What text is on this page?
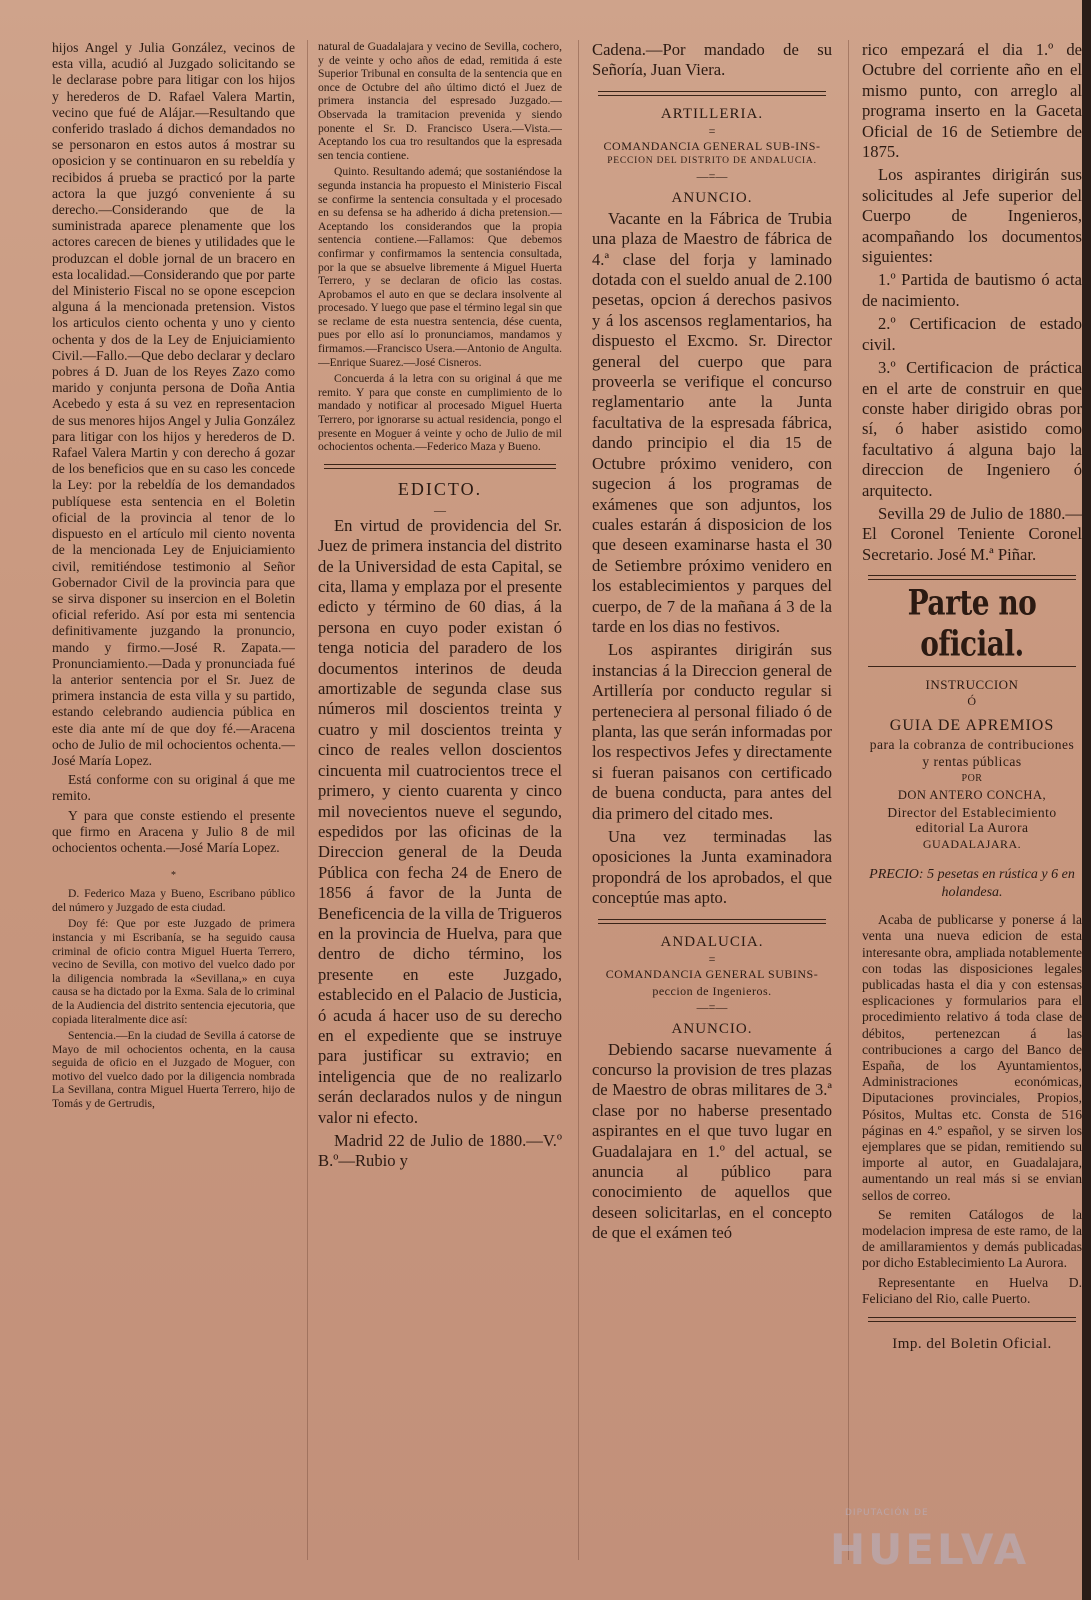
hijos Angel y Julia González, vecinos de esta villa, acudió al Juzgado solicitando se le declarase pobre para litigar con los hijos y herederos de D. Rafael Valera Martin, vecino que fué de Alájar.—Resultando que conferido traslado á dichos demandados no se personaron en estos autos á mostrar su oposicion y se continuaron en su rebeldía y recibidos á prueba se practicó por la parte actora la que juzgó conveniente á su derecho.—Considerando que de la suministrada aparece plenamente que los actores carecen de bienes y utilidades que le produzcan el doble jornal de un bracero en esta localidad.—Considerando que por parte del Ministerio Fiscal no se opone escepcion alguna á la mencionada pretension. Vistos los articulos ciento ochenta y uno y ciento ochenta y dos de la Ley de Enjuiciamiento Civil.—Fallo.—Que debo declarar y declaro pobres á D. Juan de los Reyes Zazo como marido y conjunta persona de Doña Antia Acebedo y esta á su vez en representacion de sus menores hijos Angel y Julia González para litigar con los hijos y herederos de D. Rafael Valera Martin y con derecho á gozar de los beneficios que en su caso les concede la Ley: por la rebeldía de los demandados publíquese esta sentencia en el Boletin oficial de la provincia al tenor de lo dispuesto en el artículo mil ciento noventa de la mencionada Ley de Enjuiciamiento civil, remitiéndose testimonio al Señor Gobernador Civil de la provincia para que se sirva disponer su insercion en el Boletin oficial referido. Así por esta mi sentencia definitivamente juzgando la pronuncio, mando y firmo.—José R. Zapata.—Pronunciamiento.—Dada y pronunciada fué la anterior sentencia por el Sr. Juez de primera instancia de esta villa y su partido, estando celebrando audiencia pública en este dia ante mí de que doy fé.—Aracena ocho de Julio de mil ochocientos ochenta.—José María Lopez.

Está conforme con su original á que me remito.

Y para que conste estiendo el presente que firmo en Aracena y Julio 8 de mil ochocientos ochenta.—José María Lopez.

*

D. Federico Maza y Bueno, Escribano público del número y Juzgado de esta ciudad.

Doy fé: Que por este Juzgado de primera instancia y mi Escribanía, se ha seguido causa criminal de oficio contra Miguel Huerta Terrero, vecino de Sevilla, con motivo del vuelco dado por la diligencia nombrada la «Sevillana,» en cuya causa se ha dictado por la Exma. Sala de lo criminal de la Audiencia del distrito sentencia ejecutoria, que copiada literalmente dice así:

Sentencia.—En la ciudad de Sevilla á catorse de Mayo de mil ochocientos ochenta, en la causa seguida de oficio en el Juzgado de Moguer, con motivo del vuelco dado por la diligencia nombrada La Sevillana, contra Miguel Huerta Terrero, hijo de Tomás y de Gertrudis,

natural de Guadalajara y vecino de Sevilla, cochero, y de veinte y ocho años de edad, remitida á este Superior Tribunal en consulta de la sentencia que en once de Octubre del año último dictó el Juez de primera instancia del espresado Juzgado.—Observada la tramitacion prevenida y siendo ponente el Sr. D. Francisco Usera.—Vista.—Aceptando los cua tro resultandos que la espresada sen tencia contiene.

Quinto. Resultando ademá; que sostaniéndose la segunda instancia ha propuesto el Ministerio Fiscal se confirme la sentencia consultada y el procesado en su defensa se ha adherido á dicha pretension.—Aceptando los considerandos que la propia sentencia contiene.—Fallamos: Que debemos confirmar y confirmamos la sentencia consultada, por la que se absuelve libremente á Miguel Huerta Terrero, y se declaran de oficio las costas. Aprobamos el auto en que se declara insolvente al procesado. Y luego que pase el término legal sin que se reclame de esta nuestra sentencia, dése cuenta, pues por ello así lo pronunciamos, mandamos y firmamos.—Francisco Usera.—Antonio de Angulta.—Enrique Suarez.—José Cisneros.

Concuerda á la letra con su original á que me remito. Y para que conste en cumplimiento de lo mandado y notificar al procesado Miguel Huerta Terrero, por ignorarse su actual residencia, pongo el presente en Moguer á veinte y ocho de Julio de mil ochocientos ochenta.—Federico Maza y Bueno.

EDICTO.
—

En virtud de providencia del Sr. Juez de primera instancia del distrito de la Universidad de esta Capital, se cita, llama y emplaza por el presente edicto y término de 60 dias, á la persona en cuyo poder existan ó tenga noticia del paradero de los documentos interinos de deuda amortizable de segunda clase sus números mil doscientos treinta y cuatro y mil doscientos treinta y cinco de reales vellon doscientos cincuenta mil cuatrocientos trece el primero, y ciento cuarenta y cinco mil novecientos nueve el segundo, espedidos por las oficinas de la Direccion general de la Deuda Pública con fecha 24 de Enero de 1856 á favor de la Junta de Beneficencia de la villa de Trigueros en la provincia de Huelva, para que dentro de dicho término, los presente en este Juzgado, establecido en el Palacio de Justicia, ó acuda á hacer uso de su derecho en el expediente que se instruye para justificar su extravio; en inteligencia que de no realizarlo serán declarados nulos y de ningun valor ni efecto.

Madrid 22 de Julio de 1880.—V.º B.º—Rubio y

Cadena.—Por mandado de su Señoría, Juan Viera.

ARTILLERIA.
=
COMANDANCIA GENERAL SUB-INS-
PECCION DEL DISTRITO DE ANDALUCIA.
—=—
ANUNCIO.

Vacante en la Fábrica de Trubia una plaza de Maestro de fábrica de 4.ª clase del forja y laminado dotada con el sueldo anual de 2.100 pesetas, opcion á derechos pasivos y á los ascensos reglamentarios, ha dispuesto el Excmo. Sr. Director general del cuerpo que para proveerla se verifique el concurso reglamentario ante la Junta facultativa de la espresada fábrica, dando principio el dia 15 de Octubre próximo venidero, con sugecion á los programas de exámenes que son adjuntos, los cuales estarán á disposicion de los que deseen examinarse hasta el 30 de Setiembre próximo venidero en los establecimientos y parques del cuerpo, de 7 de la mañana á 3 de la tarde en los dias no festivos.

Los aspirantes dirigirán sus instancias á la Direccion general de Artillería por conducto regular si perteneciera al personal filiado ó de planta, las que serán informadas por los respectivos Jefes y directamente si fueran paisanos con certificado de buena conducta, para antes del dia primero del citado mes.

Una vez terminadas las oposiciones la Junta examinadora propondrá de los aprobados, el que conceptúe mas apto.

ANDALUCIA.
=
COMANDANCIA GENERAL SUBINS-
peccion de Ingenieros.
—=—
ANUNCIO.

Debiendo sacarse nuevamente á concurso la provision de tres plazas de Maestro de obras militares de 3.ª clase por no haberse presentado aspirantes en el que tuvo lugar en Guadalajara en 1.º del actual, se anuncia al público para conocimiento de aquellos que deseen solicitarlas, en el concepto de que el exámen teó

rico empezará el dia 1.º de Octubre del corriente año en el mismo punto, con arreglo al programa inserto en la Gaceta Oficial de 16 de Setiembre de 1875.

Los aspirantes dirigirán sus solicitudes al Jefe superior del Cuerpo de Ingenieros, acompañando los documentos siguientes:

1.º Partida de bautismo ó acta de nacimiento.

2.º Certificacion de estado civil.

3.º Certificacion de práctica en el arte de construir en que conste haber dirigido obras por sí, ó haber asistido como facultativo á alguna bajo la direccion de Ingeniero ó arquitecto.

Sevilla 29 de Julio de 1880.—El Coronel Teniente Coronel Secretario. José M.ª Piñar.

Parte no oficial.
INSTRUCCION
Ó
GUIA DE APREMIOS
para la cobranza de contribuciones
y rentas públicas
POR
DON ANTERO CONCHA,
Director del Establecimiento editorial La Aurora
GUADALAJARA.

PRECIO: 5 pesetas en rústica y 6 en holandesa.

Acaba de publicarse y ponerse á la venta una nueva edicion de esta interesante obra, ampliada notablemente con todas las disposiciones legales publicadas hasta el dia y con estensas esplicaciones y formularios para el procedimiento relativo á toda clase de débitos, pertenezcan á las contribuciones a cargo del Banco de España, de los Ayuntamientos, Administraciones económicas, Diputaciones provinciales, Propios, Pósitos, Multas etc. Consta de 516 páginas en 4.º español, y se sirven los ejemplares que se pidan, remitiendo su importe al autor, en Guadalajara, aumentando un real más si se envian sellos de correo.

Se remiten Catálogos de la modelacion impresa de este ramo, de la de amillaramientos y demás publicadas por dicho Establecimiento La Aurora.

Representante en Huelva D. Feliciano del Rio, calle Puerto.

Imp. del Boletin Oficial.
DIPUTACIÓN DE
HUELVA
